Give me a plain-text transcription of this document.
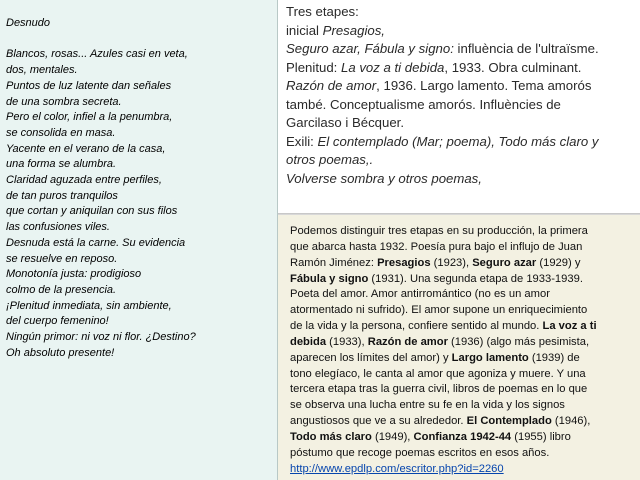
Desnudo
Blancos, rosas... Azules casi en veta,
dos, mentales.
Puntos de luz latente dan señales
de una sombra secreta.
Pero el color, infiel a la penumbra,
se consolida en masa.
Yacente en el verano de la casa,
una forma se alumbra.
Claridad aguzada entre perfiles,
de tan puros tranquilos
que cortan y aniquilan con sus filos
las confusiones viles.
Desnuda está la carne. Su evidencia
se resuelve en reposo.
Monotonía justa: prodigioso
colmo de la presencia.
¡Plenitud inmediata, sin ambiente,
del cuerpo femenino!
Ningún primor: ni voz ni flor. ¿Destino?
Oh absoluto presente!
Tres etapes:
inicial Presagios,
Seguro azar, Fábula y signo: influència de l'ultraïsme.
Plenitud: La voz a ti debida, 1933. Obra culminant.
Razón de amor, 1936. Largo lamento. Tema amorós
també. Conceptualisme amorós. Influències de
Garcilaso i Bécquer.
Exili: El contemplado (Mar; poema), Todo más claro y
otros poemas,.
Volverse sombra y otros poemas,
Podemos distinguir tres etapas en su producción, la primera
que abarca hasta 1932. Poesía pura bajo el influjo de Juan
Ramón Jiménez: Presagios (1923), Seguro azar (1929) y
Fábula y signo (1931). Una segunda etapa de 1933-1939.
Poeta del amor. Amor antirromántico (no es un amor
atormentado ni sufrido). El amor supone un enriquecimiento
de la vida y la persona, confiere sentido al mundo. La voz a ti
debida (1933), Razón de amor (1936) (algo más pesimista,
aparecen los límites del amor) y Largo lamento (1939) de
tono elegíaco, le canta al amor que agoniza y muere. Y una
tercera etapa tras la guerra civil, libros de poemas en lo que
se observa una lucha entre su fe en la vida y los signos
angustiosos que ve a su alrededor. El Contemplado (1946),
Todo más claro (1949), Confianza 1942-44 (1955) libro
póstumo que recoge poemas escritos en esos años.
http://www.epdlp.com/escritor.php?id=2260
